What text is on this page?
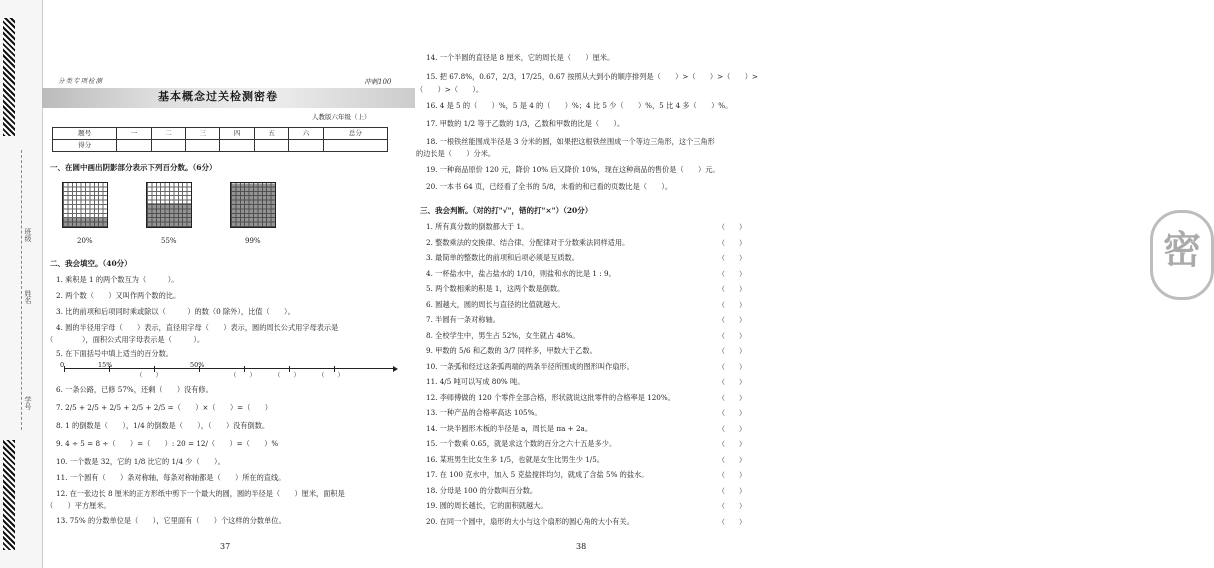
班级
姓名
学号
分类专项检测	冲刺100
基本概念过关检测密卷
人教版六年级（上）
题号	一	二	三	四	五	六	总分
得分							
一、在圆中画出阴影部分表示下列百分数。（6分）
20%	55%	99%
二、我会填空。（40分）
1. 乘积是 1 的两个数互为（　　　）。
2. 两个数（　　）又叫作两个数的比。
3. 比的前项和后项同时乘或除以（　　　）的数（0 除外），比值（　　）。
4. 圆的半径用字母（　　）表示，直径用字母（　　）表示，圆的周长公式用字母表示是
（　　　　），面积公式用字母表示是（　　　）。
5. 在下面括号中填上适当的百分数。
0	15%	50%
（　　）	（　　）	（　　）	（　　）
6. 一条公路，已修 57%，还剩（　　）没有修。
7. 2/5 + 2/5 + 2/5 + 2/5 + 2/5 =（　　）×（　　）=（　　）
8. 1 的倒数是（　　），1/4 的倒数是（　　），（　　）没有倒数。
9. 4 ÷ 5 = 8 ÷（　　）=（　　）: 20 = 12/（　　）=（　　）%
10. 一个数是 32，它的 1/8 比它的 1/4 少（　　）。
11. 一个圆有（　　）条对称轴，每条对称轴都是（　　）所在的直线。
12. 在一张边长 8 厘米的正方形纸中剪下一个最大的圆，圆的半径是（　　）厘米，面积是
（　　）平方厘米。
13. 75% 的分数单位是（　　），它里面有（　　）个这样的分数单位。
37
14. 一个半圆的直径是 8 厘米，它的周长是（　　）厘米。
15. 把 67.8%，0.67，2/3，17/25，0.67 按照从大到小的顺序排列是（　　）>（　　）>（　　）>
（　　）>（　　）。
16. 4 是 5 的（　　）%，5 是 4 的（　　）%；4 比 5 少（　　）%，5 比 4 多（　　）%。
17. 甲数的 1/2 等于乙数的 1/3，乙数和甲数的比是（　　）。
18. 一根铁丝能围成半径是 3 分米的圆，如果把这根铁丝围成一个等边三角形，这个三角形
的边长是（　　）分米。
19. 一种商品原价 120 元，降价 10% 后又降价 10%，现在这种商品的售价是（　　）元。
20. 一本书 64 页，已经看了全书的 5/8，未看的和已看的页数比是（　　）。
三、我会判断。（对的打"√"，错的打"×"）（20分）
1. 所有真分数的倒数都大于 1。	（　　）
2. 整数乘法的交换律、结合律、分配律对于分数乘法同样适用。	（　　）
3. 最简单的整数比的前项和后项必须是互质数。	（　　）
4. 一杯盐水中，盐占盐水的 1/10，则盐和水的比是 1 : 9。	（　　）
5. 两个数相乘的积是 1，这两个数是倒数。	（　　）
6. 圆越大，圆的周长与直径的比值就越大。	（　　）
7. 半圆有一条对称轴。	（　　）
8. 全校学生中，男生占 52%，女生就占 48%。	（　　）
9. 甲数的 5/6 和乙数的 3/7 同样多，甲数大于乙数。	（　　）
10. 一条弧和经过这条弧两端的两条半径所围成的图形叫作扇形。	（　　）
11. 4/5 吨可以写成 80% 吨。	（　　）
12. 李师傅做的 120 个零件全部合格，形状就说这批零件的合格率是 120%。	（　　）
13. 一种产品的合格率高达 105%。	（　　）
14. 一块半圆形木板的半径是 a，周长是 πa + 2a。	（　　）
15. 一个数乘 0.65，就是求这个数的百分之六十五是多少。	（　　）
16. 某班男生比女生多 1/5，也就是女生比男生少 1/5。	（　　）
17. 在 100 克水中，加入 5 克盐搅拌均匀，就成了含盐 5% 的盐水。	（　　）
18. 分母是 100 的分数叫百分数。	（　　）
19. 圆的周长越长，它的面积就越大。	（　　）
20. 在同一个圆中，扇形的大小与这个扇形的圆心角的大小有关。	（　　）
密
38
